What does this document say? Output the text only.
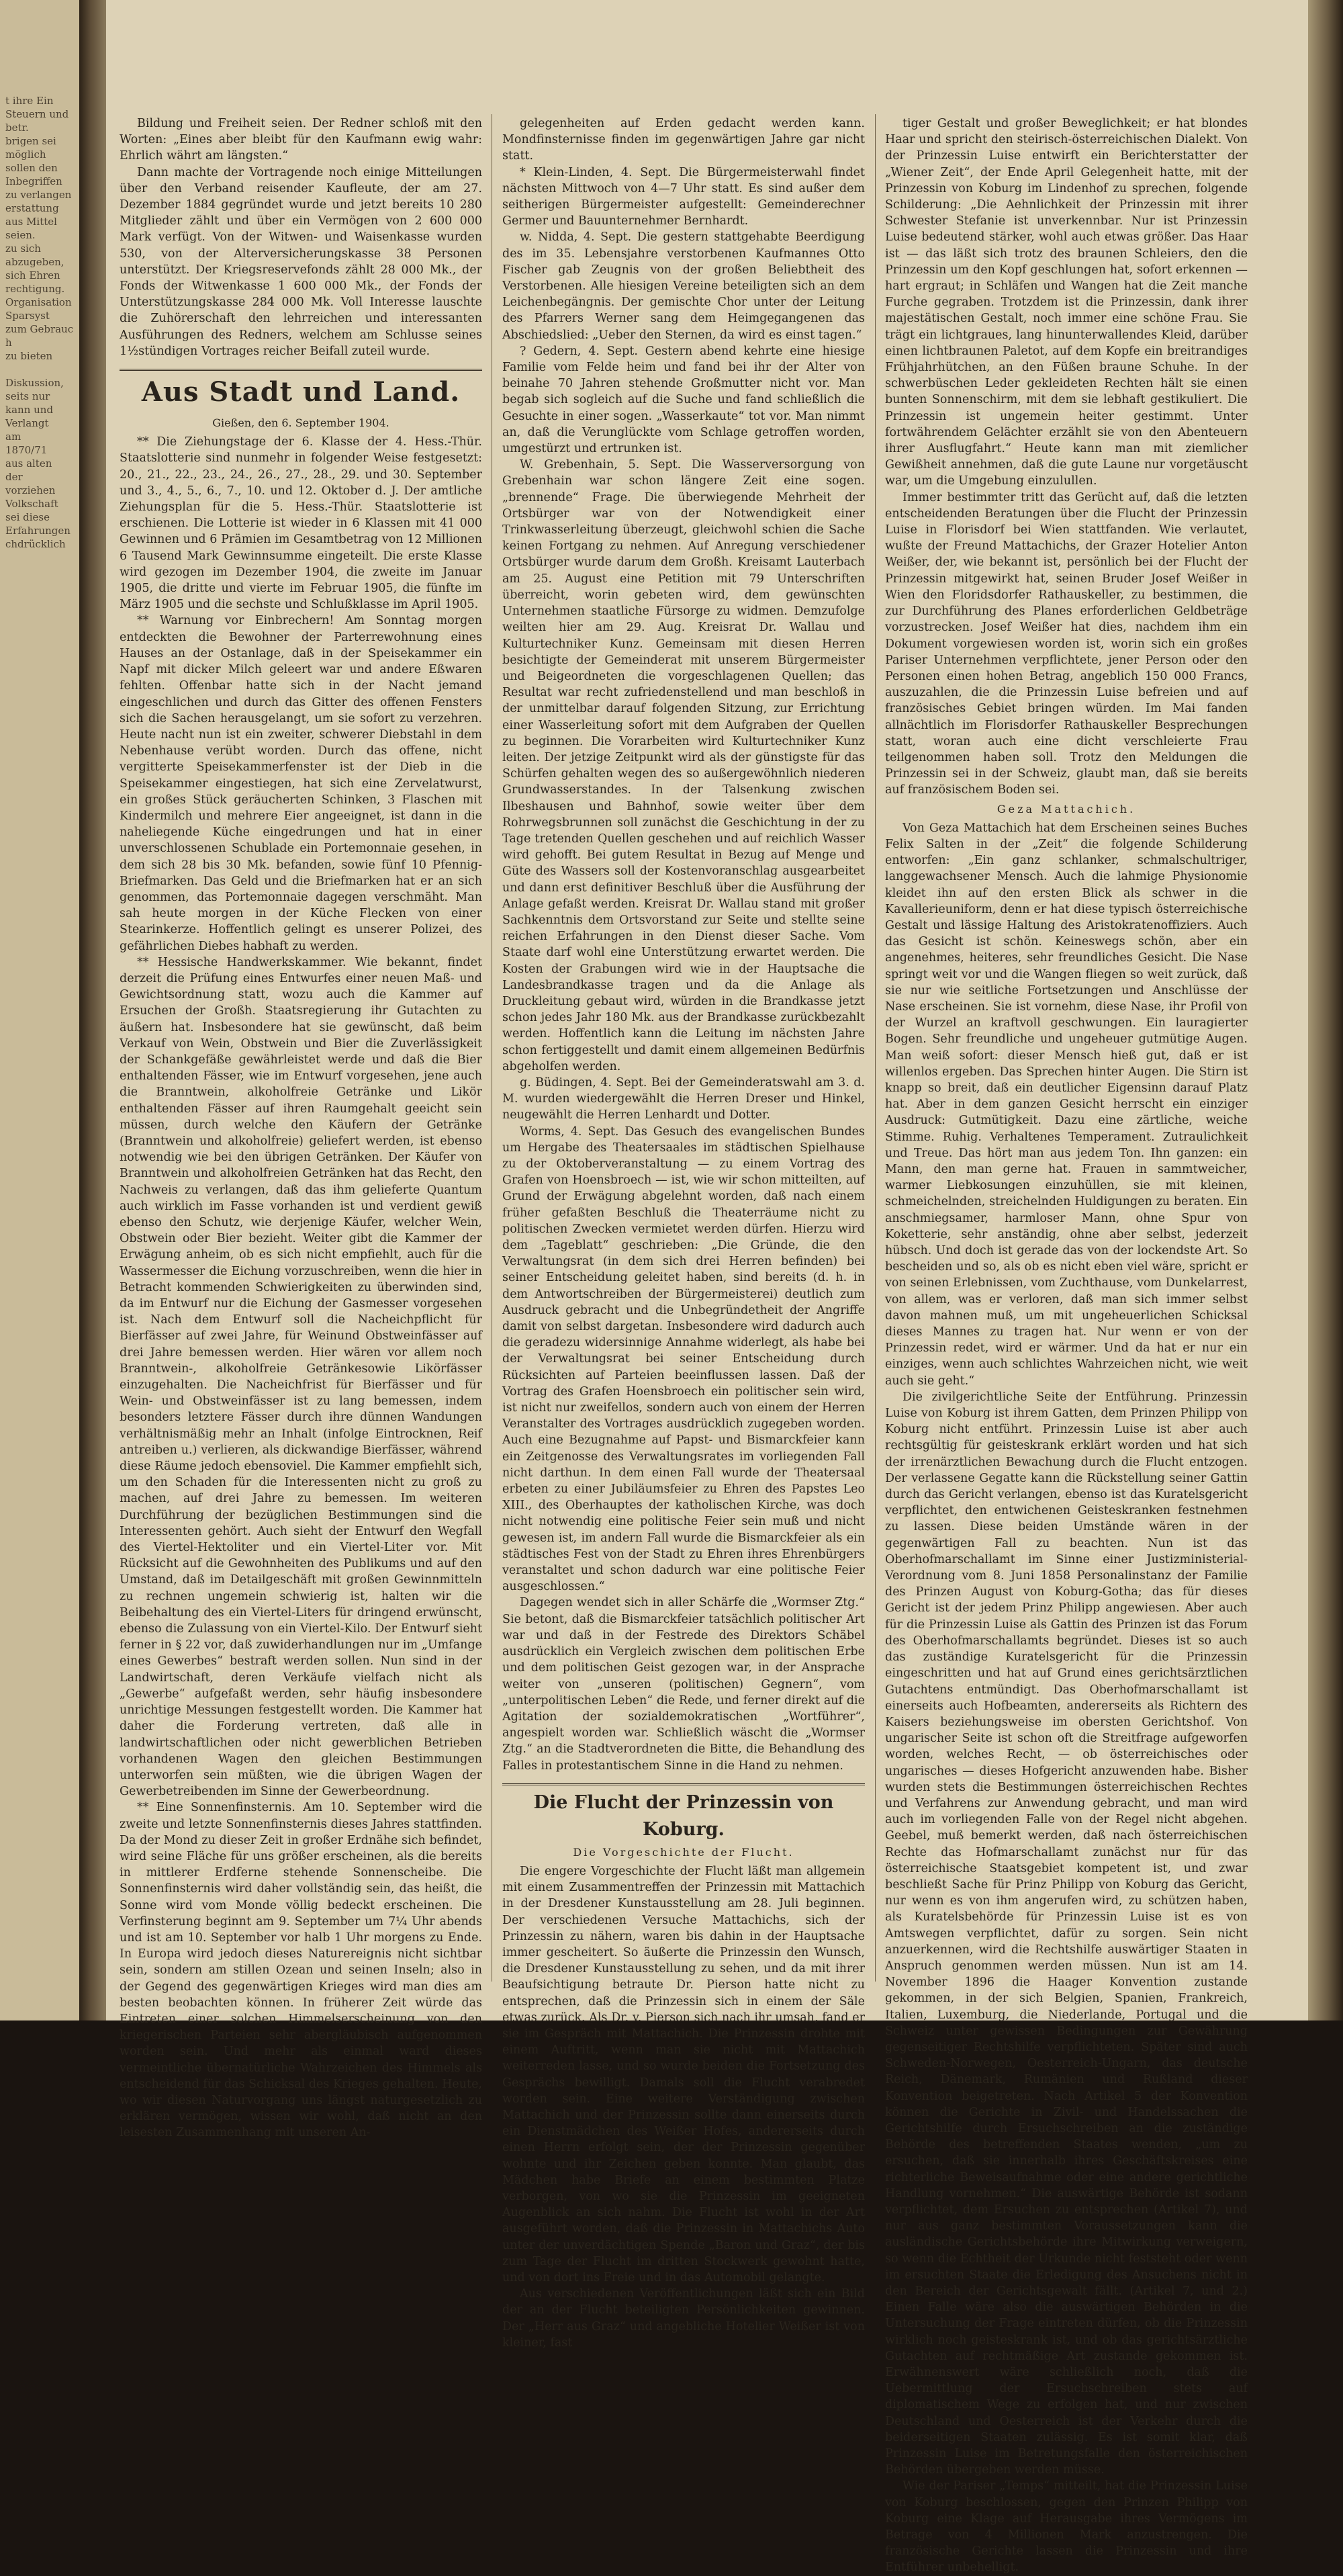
t ihre Ein
Steuern und
betr.
brigen sei
möglich
sollen den
Inbegriffen
zu verlangen
erstattung
aus Mittel
seien.
zu sich
abzugeben,
sich Ehren
rechtigung.
Organisation
Sparsyst
zum Gebrauch
zu bieten

Diskussion,
seits nur
kann und
Verlangt
am
1870/71
aus alten
der
vorziehen
Volkschaft
sei diese
Erfahrungen
chdrücklich

Bildung und Freiheit seien. Der Redner schloß mit den Worten: „Eines aber bleibt für den Kaufmann ewig wahr: Ehrlich währt am längsten.“

Dann machte der Vortragende noch einige Mitteilungen über den Verband reisender Kaufleute, der am 27. Dezember 1884 gegründet wurde und jetzt bereits 10 280 Mitglieder zählt und über ein Vermögen von 2 600 000 Mark verfügt. Von der Witwen- und Waisenkasse wurden 530, von der Alterversicherungskasse 38 Personen unterstützt. Der Kriegsreservefonds zählt 28 000 Mk., der Fonds der Witwenkasse 1 600 000 Mk., der Fonds der Unterstützungskasse 284 000 Mk. Voll Interesse lauschte die Zuhörerschaft den lehrreichen und interessanten Ausführungen des Redners, welchem am Schlusse seines 1½stündigen Vortrages reicher Beifall zuteil wurde.

Aus Stadt und Land.

Gießen, den 6. September 1904.

** Die Ziehungstage der 6. Klasse der 4. Hess.-Thür. Staatslotterie sind nunmehr in folgender Weise festgesetzt: 20., 21., 22., 23., 24., 26., 27., 28., 29. und 30. September und 3., 4., 5., 6., 7., 10. und 12. Oktober d. J. Der amtliche Ziehungsplan für die 5. Hess.-Thür. Staatslotterie ist erschienen. Die Lotterie ist wieder in 6 Klassen mit 41 000 Gewinnen und 6 Prämien im Gesamtbetrag von 12 Millionen 6 Tausend Mark Gewinnsumme eingeteilt. Die erste Klasse wird gezogen im Dezember 1904, die zweite im Januar 1905, die dritte und vierte im Februar 1905, die fünfte im März 1905 und die sechste und Schlußklasse im April 1905.

** Warnung vor Einbrechern! Am Sonntag morgen entdeckten die Bewohner der Parterrewohnung eines Hauses an der Ostanlage, daß in der Speisekammer ein Napf mit dicker Milch geleert war und andere Eßwaren fehlten. Offenbar hatte sich in der Nacht jemand eingeschlichen und durch das Gitter des offenen Fensters sich die Sachen herausgelangt, um sie sofort zu verzehren. Heute nacht nun ist ein zweiter, schwerer Diebstahl in dem Nebenhause verübt worden. Durch das offene, nicht vergitterte Speisekammerfenster ist der Dieb in die Speisekammer eingestiegen, hat sich eine Zervelatwurst, ein großes Stück geräucherten Schinken, 3 Flaschen mit Kindermilch und mehrere Eier angeeignet, ist dann in die naheliegende Küche eingedrungen und hat in einer unverschlossenen Schublade ein Portemonnaie gesehen, in dem sich 28 bis 30 Mk. befanden, sowie fünf 10 Pfennig-Briefmarken. Das Geld und die Briefmarken hat er an sich genommen, das Portemonnaie dagegen verschmäht. Man sah heute morgen in der Küche Flecken von einer Stearinkerze. Hoffentlich gelingt es unserer Polizei, des gefährlichen Diebes habhaft zu werden.

** Hessische Handwerkskammer. Wie bekannt, findet derzeit die Prüfung eines Entwurfes einer neuen Maß- und Gewichtsordnung statt, wozu auch die Kammer auf Ersuchen der Großh. Staatsregierung ihr Gutachten zu äußern hat. Insbesondere hat sie gewünscht, daß beim Verkauf von Wein, Obstwein und Bier die Zuverlässigkeit der Schankgefäße gewährleistet werde und daß die Bier enthaltenden Fässer, wie im Entwurf vorgesehen, jene auch die Branntwein, alkoholfreie Getränke und Likör enthaltenden Fässer auf ihren Raumgehalt geeicht sein müssen, durch welche den Käufern der Getränke (Branntwein und alkoholfreie) geliefert werden, ist ebenso notwendig wie bei den übrigen Getränken. Der Käufer von Branntwein und alkoholfreien Getränken hat das Recht, den Nachweis zu verlangen, daß das ihm gelieferte Quantum auch wirklich im Fasse vorhanden ist und verdient gewiß ebenso den Schutz, wie derjenige Käufer, welcher Wein, Obstwein oder Bier bezieht. Weiter gibt die Kammer der Erwägung anheim, ob es sich nicht empfiehlt, auch für die Wassermesser die Eichung vorzuschreiben, wenn die hier in Betracht kommenden Schwierigkeiten zu überwinden sind, da im Entwurf nur die Eichung der Gasmesser vorgesehen ist. Nach dem Entwurf soll die Nacheichpflicht für Bierfässer auf zwei Jahre, für Weinund Obstweinfässer auf drei Jahre bemessen werden. Hier wären vor allem noch Branntwein-, alkoholfreie Getränkesowie Likörfässer einzugehalten. Die Nacheichfrist für Bierfässer und für Wein- und Obstweinfässer ist zu lang bemessen, indem besonders letztere Fässer durch ihre dünnen Wandungen verhältnismäßig mehr an Inhalt (infolge Eintrocknen, Reif antreiben u.) verlieren, als dickwandige Bierfässer, während diese Räume jedoch ebensoviel. Die Kammer empfiehlt sich, um den Schaden für die Interessenten nicht zu groß zu machen, auf drei Jahre zu bemessen. Im weiteren Durchführung der bezüglichen Bestimmungen sind die Interessenten gehört. Auch sieht der Entwurf den Wegfall des Viertel-Hektoliter und ein Viertel-Liter vor. Mit Rücksicht auf die Gewohnheiten des Publikums und auf den Umstand, daß im Detailgeschäft mit großen Gewinnmitteln zu rechnen ungemein schwierig ist, halten wir die Beibehaltung des ein Viertel-Liters für dringend erwünscht, ebenso die Zulassung von ein Viertel-Kilo. Der Entwurf sieht ferner in § 22 vor, daß zuwiderhandlungen nur im „Umfange eines Gewerbes“ bestraft werden sollen. Nun sind in der Landwirtschaft, deren Verkäufe vielfach nicht als „Gewerbe“ aufgefaßt werden, sehr häufig insbesondere unrichtige Messungen festgestellt worden. Die Kammer hat daher die Forderung vertreten, daß alle in landwirtschaftlichen oder nicht gewerblichen Betrieben vorhandenen Wagen den gleichen Bestimmungen unterworfen sein müßten, wie die übrigen Wagen der Gewerbetreibenden im Sinne der Gewerbeordnung.

** Eine Sonnenfinsternis. Am 10. September wird die zweite und letzte Sonnenfinsternis dieses Jahres stattfinden. Da der Mond zu dieser Zeit in großer Erdnähe sich befindet, wird seine Fläche für uns größer erscheinen, als die bereits in mittlerer Erdferne stehende Sonnenscheibe. Die Sonnenfinsternis wird daher vollständig sein, das heißt, die Sonne wird vom Monde völlig bedeckt erscheinen. Die Verfinsterung beginnt am 9. September um 7¼ Uhr abends und ist am 10. September vor halb 1 Uhr morgens zu Ende. In Europa wird jedoch dieses Naturereignis nicht sichtbar sein, sondern am stillen Ozean und seinen Inseln; also in der Gegend des gegenwärtigen Krieges wird man dies am besten beobachten können. In früherer Zeit würde das Eintreten einer solchen Himmelserscheinung von den kriegerischen Parteien sehr abergläubisch aufgenommen worden sein. Und mehr als einmal ward dieses vermeintliche übernatürliche Wahrzeichen des Himmels als entscheidend für das Schicksal des Krieges gehalten. Heute, wo wir diesen Naturvorgang uns längst naturgesetzlich zu erklären vermögen, wissen wir wohl, daß nicht an den leisesten Zusammenhang mit unseren An-

gelegenheiten auf Erden gedacht werden kann. Mondfinsternisse finden im gegenwärtigen Jahre gar nicht statt.

* Klein-Linden, 4. Sept. Die Bürgermeisterwahl findet nächsten Mittwoch von 4—7 Uhr statt. Es sind außer dem seitherigen Bürgermeister aufgestellt: Gemeinderechner Germer und Bauunternehmer Bernhardt.

w. Nidda, 4. Sept. Die gestern stattgehabte Beerdigung des im 35. Lebensjahre verstorbenen Kaufmannes Otto Fischer gab Zeugnis von der großen Beliebtheit des Verstorbenen. Alle hiesigen Vereine beteiligten sich an dem Leichenbegängnis. Der gemischte Chor unter der Leitung des Pfarrers Werner sang dem Heimgegangenen das Abschiedslied: „Ueber den Sternen, da wird es einst tagen.“

? Gedern, 4. Sept. Gestern abend kehrte eine hiesige Familie vom Felde heim und fand bei ihr der Alter von beinahe 70 Jahren stehende Großmutter nicht vor. Man begab sich sogleich auf die Suche und fand schließlich die Gesuchte in einer sogen. „Wasserkaute“ tot vor. Man nimmt an, daß die Verunglückte vom Schlage getroffen worden, umgestürzt und ertrunken ist.

W. Grebenhain, 5. Sept. Die Wasserversorgung von Grebenhain war schon längere Zeit eine sogen. „brennende“ Frage. Die überwiegende Mehrheit der Ortsbürger war von der Notwendigkeit einer Trinkwasserleitung überzeugt, gleichwohl schien die Sache keinen Fortgang zu nehmen. Auf Anregung verschiedener Ortsbürger wurde darum dem Großh. Kreisamt Lauterbach am 25. August eine Petition mit 79 Unterschriften überreicht, worin gebeten wird, dem gewünschten Unternehmen staatliche Fürsorge zu widmen. Demzufolge weilten hier am 29. Aug. Kreisrat Dr. Wallau und Kulturtechniker Kunz. Gemeinsam mit diesen Herren besichtigte der Gemeinderat mit unserem Bürgermeister und Beigeordneten die vorgeschlagenen Quellen; das Resultat war recht zufriedenstellend und man beschloß in der unmittelbar darauf folgenden Sitzung, zur Errichtung einer Wasserleitung sofort mit dem Aufgraben der Quellen zu beginnen. Die Vorarbeiten wird Kulturtechniker Kunz leiten. Der jetzige Zeitpunkt wird als der günstigste für das Schürfen gehalten wegen des so außergewöhnlich niederen Grundwasserstandes. In der Talsenkung zwischen Ilbeshausen und Bahnhof, sowie weiter über dem Rohrwegsbrunnen soll zunächst die Geschichtung in der zu Tage tretenden Quellen geschehen und auf reichlich Wasser wird gehofft. Bei gutem Resultat in Bezug auf Menge und Güte des Wassers soll der Kostenvoranschlag ausgearbeitet und dann erst definitiver Beschluß über die Ausführung der Anlage gefaßt werden. Kreisrat Dr. Wallau stand mit großer Sachkenntnis dem Ortsvorstand zur Seite und stellte seine reichen Erfahrungen in den Dienst dieser Sache. Vom Staate darf wohl eine Unterstützung erwartet werden. Die Kosten der Grabungen wird wie in der Hauptsache die Landesbrandkasse tragen und da die Anlage als Druckleitung gebaut wird, würden in die Brandkasse jetzt schon jedes Jahr 180 Mk. aus der Brandkasse zurückbezahlt werden. Hoffentlich kann die Leitung im nächsten Jahre schon fertiggestellt und damit einem allgemeinen Bedürfnis abgeholfen werden.

g. Büdingen, 4. Sept. Bei der Gemeinderatswahl am 3. d. M. wurden wiedergewählt die Herren Dreser und Hinkel, neugewählt die Herren Lenhardt und Dotter.

Worms, 4. Sept. Das Gesuch des evangelischen Bundes um Hergabe des Theatersaales im städtischen Spielhause zu der Oktoberveranstaltung — zu einem Vortrag des Grafen von Hoensbroech — ist, wie wir schon mitteilten, auf Grund der Erwägung abgelehnt worden, daß nach einem früher gefaßten Beschluß die Theaterräume nicht zu politischen Zwecken vermietet werden dürfen. Hierzu wird dem „Tageblatt“ geschrieben: „Die Gründe, die den Verwaltungsrat (in dem sich drei Herren befinden) bei seiner Entscheidung geleitet haben, sind bereits (d. h. in dem Antwortschreiben der Bürgermeisterei) deutlich zum Ausdruck gebracht und die Unbegründetheit der Angriffe damit von selbst dargetan. Insbesondere wird dadurch auch die geradezu widersinnige Annahme widerlegt, als habe bei der Verwaltungsrat bei seiner Entscheidung durch Rücksichten auf Parteien beeinflussen lassen. Daß der Vortrag des Grafen Hoensbroech ein politischer sein wird, ist nicht nur zweifellos, sondern auch von einem der Herren Veranstalter des Vortrages ausdrücklich zugegeben worden. Auch eine Bezugnahme auf Papst- und Bismarckfeier kann ein Zeitgenosse des Verwaltungsrates im vorliegenden Fall nicht darthun. In dem einen Fall wurde der Theatersaal erbeten zu einer Jubiläumsfeier zu Ehren des Papstes Leo XIII., des Oberhauptes der katholischen Kirche, was doch nicht notwendig eine politische Feier sein muß und nicht gewesen ist, im andern Fall wurde die Bismarckfeier als ein städtisches Fest von der Stadt zu Ehren ihres Ehrenbürgers veranstaltet und schon dadurch war eine politische Feier ausgeschlossen.“

Dagegen wendet sich in aller Schärfe die „Wormser Ztg.“ Sie betont, daß die Bismarckfeier tatsächlich politischer Art war und daß in der Festrede des Direktors Schäbel ausdrücklich ein Vergleich zwischen dem politischen Erbe und dem politischen Geist gezogen war, in der Ansprache weiter von „unseren (politischen) Gegnern“, vom „unterpolitischen Leben“ die Rede, und ferner direkt auf die Agitation der sozialdemokratischen „Wortführer“, angespielt worden war. Schließlich wäscht die „Wormser Ztg.“ an die Stadtverordneten die Bitte, die Behandlung des Falles in protestantischem Sinne in die Hand zu nehmen.

Die Flucht der Prinzessin von Koburg.

Die Vorgeschichte der Flucht.

Die engere Vorgeschichte der Flucht läßt man allgemein mit einem Zusammentreffen der Prinzessin mit Mattachich in der Dresdener Kunstausstellung am 28. Juli beginnen. Der verschiedenen Versuche Mattachichs, sich der Prinzessin zu nähern, waren bis dahin in der Hauptsache immer gescheitert. So äußerte die Prinzessin den Wunsch, die Dresdener Kunstausstellung zu sehen, und da mit ihrer Beaufsichtigung betraute Dr. Pierson hatte nicht zu entsprechen, daß die Prinzessin sich in einem der Säle etwas zurück. Als Dr. v. Pierson sich nach ihr umsah, fand er sie im Gespräch mit Mattachich. Die Prinzessin drohte mit einem Auftritt, wenn man sie nicht mit Mattachich weiterreden lasse, und so wurde beiden die Fortsetzung des Gesprächs bewilligt. Damals soll die Flucht verabredet worden sein. Eine weitere Verständigung zwischen Mattachich und der Prinzessin sollte dann einerseits durch ein Dienstmädchen des Weißer Hofes, andererseits durch einen Herrn erfolgt sein, der der Prinzessin gegenüber wohnte und ihr Zeichen geben konnte. Man glaubt, das Mädchen habe Briefe an einem bestimmten Platze verborgen, von wo sie die Prinzessin im geeigneten Augenblick an sich nahm. Die Flucht ist wohl in der Art ausgeführt worden, daß die Prinzessin in Mattachichs Auto unter der unverdächtigen Spende „Baron und Graz“, der bis zum Tage der Flucht im dritten Stockwerk gewohnt hatte, und von dort ins Freie und in das Automobil gelangte.

Aus verschiedenen Veröffentlichungen läßt sich ein Bild der an der Flucht beteiligten Persönlichkeiten gewinnen. Der „Herr aus Graz“ und angebliche Hotelier Weißer ist von kleiner, fast

tiger Gestalt und großer Beweglichkeit; er hat blondes Haar und spricht den steirisch-österreichischen Dialekt. Von der Prinzessin Luise entwirft ein Berichterstatter der „Wiener Zeit“, der Ende April Gelegenheit hatte, mit der Prinzessin von Koburg im Lindenhof zu sprechen, folgende Schilderung: „Die Aehnlichkeit der Prinzessin mit ihrer Schwester Stefanie ist unverkennbar. Nur ist Prinzessin Luise bedeutend stärker, wohl auch etwas größer. Das Haar ist — das läßt sich trotz des braunen Schleiers, den die Prinzessin um den Kopf geschlungen hat, sofort erkennen — hart ergraut; in Schläfen und Wangen hat die Zeit manche Furche gegraben. Trotzdem ist die Prinzessin, dank ihrer majestätischen Gestalt, noch immer eine schöne Frau. Sie trägt ein lichtgraues, lang hinunterwallendes Kleid, darüber einen lichtbraunen Paletot, auf dem Kopfe ein breitrandiges Frühjahrhütchen, an den Füßen braune Schuhe. In der schwerbüschen Leder gekleideten Rechten hält sie einen bunten Sonnenschirm, mit dem sie lebhaft gestikuliert. Die Prinzessin ist ungemein heiter gestimmt. Unter fortwährendem Gelächter erzählt sie von den Abenteuern ihrer Ausflugfahrt.“ Heute kann man mit ziemlicher Gewißheit annehmen, daß die gute Laune nur vorgetäuscht war, um die Umgebung einzulullen.

Immer bestimmter tritt das Gerücht auf, daß die letzten entscheidenden Beratungen über die Flucht der Prinzessin Luise in Florisdorf bei Wien stattfanden. Wie verlautet, wußte der Freund Mattachichs, der Grazer Hotelier Anton Weißer, der, wie bekannt ist, persönlich bei der Flucht der Prinzessin mitgewirkt hat, seinen Bruder Josef Weißer in Wien den Floridsdorfer Rathauskeller, zu bestimmen, die zur Durchführung des Planes erforderlichen Geldbeträge vorzustrecken. Josef Weißer hat dies, nachdem ihm ein Dokument vorgewiesen worden ist, worin sich ein großes Pariser Unternehmen verpflichtete, jener Person oder den Personen einen hohen Betrag, angeblich 150 000 Francs, auszuzahlen, die die Prinzessin Luise befreien und auf französisches Gebiet bringen würden. Im Mai fanden allnächtlich im Florisdorfer Rathauskeller Besprechungen statt, woran auch eine dicht verschleierte Frau teilgenommen haben soll. Trotz den Meldungen die Prinzessin sei in der Schweiz, glaubt man, daß sie bereits auf französischem Boden sei.

Geza Mattachich.

Von Geza Mattachich hat dem Erscheinen seines Buches Felix Salten in der „Zeit“ die folgende Schilderung entworfen: „Ein ganz schlanker, schmalschultriger, langgewachsener Mensch. Auch die lahmige Physionomie kleidet ihn auf den ersten Blick als schwer in die Kavallerieuniform, denn er hat diese typisch österreichische Gestalt und lässige Haltung des Aristokratenoffiziers. Auch das Gesicht ist schön. Keineswegs schön, aber ein angenehmes, heiteres, sehr freundliches Gesicht. Die Nase springt weit vor und die Wangen fliegen so weit zurück, daß sie nur wie seitliche Fortsetzungen und Anschlüsse der Nase erscheinen. Sie ist vornehm, diese Nase, ihr Profil von der Wurzel an kraftvoll geschwungen. Ein lauragierter Bogen. Sehr freundliche und ungeheuer gutmütige Augen. Man weiß sofort: dieser Mensch hieß gut, daß er ist willenlos ergeben. Das Sprechen hinter Augen. Die Stirn ist knapp so breit, daß ein deutlicher Eigensinn darauf Platz hat. Aber in dem ganzen Gesicht herrscht ein einziger Ausdruck: Gutmütigkeit. Dazu eine zärtliche, weiche Stimme. Ruhig. Verhaltenes Temperament. Zutraulichkeit und Treue. Das hört man aus jedem Ton. Ihn ganzen: ein Mann, den man gerne hat. Frauen in sammtweicher, warmer Liebkosungen einzuhüllen, sie mit kleinen, schmeichelnden, streichelnden Huldigungen zu beraten. Ein anschmiegsamer, harmloser Mann, ohne Spur von Koketterie, sehr anständig, ohne aber selbst, jederzeit hübsch. Und doch ist gerade das von der lockendste Art. So bescheiden und so, als ob es nicht eben viel wäre, spricht er von seinen Erlebnissen, vom Zuchthause, vom Dunkelarrest, von allem, was er verloren, daß man sich immer selbst davon mahnen muß, um mit ungeheuerlichen Schicksal dieses Mannes zu tragen hat. Nur wenn er von der Prinzessin redet, wird er wärmer. Und da hat er nur ein einziges, wenn auch schlichtes Wahrzeichen nicht, wie weit auch sie geht.“

Die zivilgerichtliche Seite der Entführung. Prinzessin Luise von Koburg ist ihrem Gatten, dem Prinzen Philipp von Koburg nicht entführt. Prinzessin Luise ist aber auch rechtsgültig für geisteskrank erklärt worden und hat sich der irrenärztlichen Bewachung durch die Flucht entzogen. Der verlassene Gegatte kann die Rückstellung seiner Gattin durch das Gericht verlangen, ebenso ist das Kuratelsgericht verpflichtet, den entwichenen Geisteskranken festnehmen zu lassen. Diese beiden Umstände wären in der gegenwärtigen Fall zu beachten. Nun ist das Oberhofmarschallamt im Sinne einer Justizministerial-Verordnung vom 8. Juni 1858 Personalinstanz der Familie des Prinzen August von Koburg-Gotha; das für dieses Gericht ist der jedem Prinz Philipp angewiesen. Aber auch für die Prinzessin Luise als Gattin des Prinzen ist das Forum des Oberhofmarschallamts begründet. Dieses ist so auch das zuständige Kuratelsgericht für die Prinzessin eingeschritten und hat auf Grund eines gerichtsärztlichen Gutachtens entmündigt. Das Oberhofmarschallamt ist einerseits auch Hofbeamten, andererseits als Richtern des Kaisers beziehungsweise im obersten Gerichtshof. Von ungarischer Seite ist schon oft die Streitfrage aufgeworfen worden, welches Recht, — ob österreichisches oder ungarisches — dieses Hofgericht anzuwenden habe. Bisher wurden stets die Bestimmungen österreichischen Rechtes und Verfahrens zur Anwendung gebracht, und man wird auch im vorliegenden Falle von der Regel nicht abgehen. Geebel, muß bemerkt werden, daß nach österreichischen Rechte das Hofmarschallamt zunächst nur für das österreichische Staatsgebiet kompetent ist, und zwar beschließt Sache für Prinz Philipp von Koburg das Gericht, nur wenn es von ihm angerufen wird, zu schützen haben, als Kuratelsbehörde für Prinzessin Luise ist es von Amtswegen verpflichtet, dafür zu sorgen. Sein nicht anzuerkennen, wird die Rechtshilfe auswärtiger Staaten in Anspruch genommen werden müssen. Nun ist am 14. November 1896 die Haager Konvention zustande gekommen, in der sich Belgien, Spanien, Frankreich, Italien, Luxemburg, die Niederlande, Portugal und die Schweiz unter gewissen Bedingungen zur Gewährung gegenseitiger Rechtshilfe verpflichteten. Später sind auch Schweden-Norwegen, Oesterreich-Ungarn, das deutsche Reich, Dänemark, Rumänien und Rußland dieser Konvention beigetreten. Nach Artikel 5 der Konvention können die Gerichte in Zivil- und Handelssachen die Gerichtshilfe durch Ersuchschreiben an die zuständige Behörde des betreffenden Staates wenden, „um zu ersuchen, daß sie innerhalb ihres Geschäftskreises eine richterliche Beweisaufnahme oder eine andere gerichtliche Handlung vornehmen.“ Die auswärtige Behörde ist sodann verpflichtet, dem Ersuchen zu entsprechen (Artikel 7), und nur aus ganz bestimmten Voraussetzungen kann die ausländische Gerichtsbehörde ihre Mitwirkung verweigern, so wenn die Echtheit der Urkunde nicht feststeht oder wenn im ersuchten Staate die Erledigung des Ansuchens nicht in den Bereich der Gerichtsgewalt fällt. (Artikel 7, und 2.) Einen Falle wäre also die auswärtigen Behörden in die Untersuchung der Frage eintreten dürfen, ob die Prinzessin wirklich noch geisteskrank ist, und ob das gerichtsärztliche Gutachten auf rechtmäßige Art zustande gekommen ist. Erwähnenswert wäre schließlich noch, daß die Uebermittlung der Ersuchschreiben stets auf diplomatischem Wege zu erfolgen hat, und nur zwischen Deutschland und Oesterreich ist der Verkehr durch die beiderseitigen Staaten zulässig. Es ist somit klar, daß Prinzessin Luise im Betretungsfalle den österreichischen Behörden übergeben werden müsse.

Wie der Pariser „Temps“ mitteilt, hat die Prinzessin Luise von Koburg beschlossen, gegen den Prinzen Philipp von Koburg eine Klage auf Herausgabe ihres Vermögens im Betrage von 4 Millionen Mark anzustrengen. Die französische Gerichte lassen die Prinzessin und ihre Entführer unbehelligt.
